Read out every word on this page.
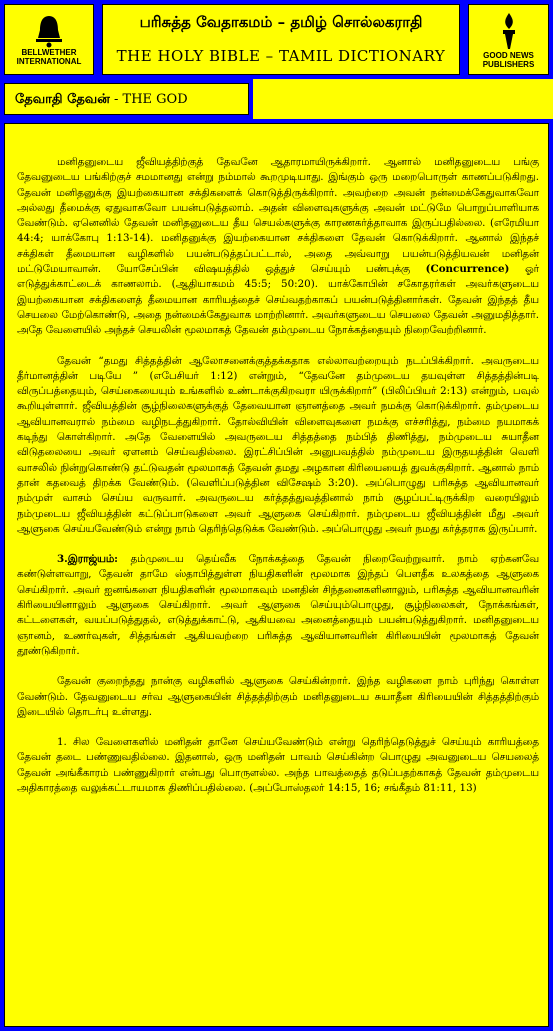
BELLWETHER
INTERNATIONAL
பரிசுத்த வேதாகமம் – தமிழ் சொல்லகராதி
THE HOLY BIBLE – TAMIL DICTIONARY	GOOD NEWS
PUBLISHERS
தேவாதி தேவன் - THE GOD

மனிதனுடைய ஜீவியத்திற்குத் தேவனே ஆதாரமாயிருக்கிறார். ஆனால் மனிதனுடைய பங்கு தேவனுடைய பங்கிற்குச் சமமானது என்று நம்மால் கூறமுடியாது. இங்கும் ஒரு மறைபொருள் காணப்படுகிறது. தேவன் மனிதனுக்கு இயற்கையான சக்திகளைக் கொடுத்திருக்கிறார். அவற்றை அவன் நன்மைக்கேதுவாகவோ அல்லது தீமைக்கு ஏதுவாகவோ பயன்படுத்தலாம். அதன் விளைவுகளுக்கு அவன் மட்டுமே பொறுப்பாளியாக வேண்டும். ஏனெனில் தேவன் மனிதனுடைய தீய செயல்களுக்கு காரணகர்த்தாவாக இருப்பதில்லை. (எரேமியா 44:4; யாக்கோபு 1:13-14). மனிதனுக்கு இயற்கையான சக்திகளை தேவன் கொடுக்கிறார். ஆனால் இந்தச் சக்திகள் தீமையான வழிகளில் பயன்படுத்தப்பட்டால், அதை அவ்வாறு பயன்படுத்தியவன் மனிதன் மட்டுமேயாவான். யோசேப்பின் விஷயத்தில் ஒத்துச் செய்யும் பண்புக்கு (Concurrence) ஓர் எடுத்துக்காட்டைக் காணலாம். (ஆதியாகமம் 45:5; 50:20). யாக்கோபின் சகோதரர்கள் அவர்களுடைய இயற்கையான சக்திகளைத் தீமையான காரியத்தைச் செய்வதற்காகப் பயன்படுத்தினார்கள். தேவன் இந்தத் தீய செயலை மேற்கொண்டு, அதை நன்மைக்கேதுவாக மாற்றினார். அவர்களுடைய செயலை தேவன் அனுமதித்தார். அதே வேளையில் அந்தச் செயலின் மூலமாகத் தேவன் தம்முடைய நோக்கத்தையும் நிறைவேற்றினார்.

தேவன் “தமது சித்தத்தின் ஆலோசனைக்குத்தக்கதாக எல்லாவற்றையும் நடப்பிக்கிறார். அவருடைய தீர்மானத்தின் படியே ” (எபேசியர் 1:12) என்றும், “தேவனே தம்முடைய தயவுள்ள சித்தத்தின்படி விருப்பத்தையும், செய்கையையும் உங்களில் உண்டாக்குகிறவரா யிருக்கிறார்” (பிலிப்பியர் 2:13) என்றும், பவுல் கூறியுள்ளார். ஜீவியத்தின் சூழ்நிலைகளுக்குத் தேவையான ஞானத்தை அவர் நமக்கு கொடுக்கிறார். தம்முடைய ஆவியானவரால் நம்மை வழிநடத்துகிறார். தோல்வியின் விளைவுகளை நமக்கு எச்சரித்து, நம்மை நயமாகக் கடிந்து கொள்கிறார். அதே வேளையில் அவருடைய சித்தத்தை நம்பித் திணித்து, நம்முடைய சுயாதீன விடுதலையை அவர் ஏளனம் செய்வதில்லை. இரட்சிப்பின் அனுபவத்தில் நம்முடைய இருதயத்தின் வெளி வாசலில் நின்றுகொண்டு தட்டுவதன் மூலமாகத் தேவன் தமது அழகான கிரியையைத் துவக்குகிறார். ஆனால் நாம் தான் கதவைத் திறக்க வேண்டும். (வெளிப்படுத்தின விசேஷம் 3:20). அப்பொழுது பரிசுத்த ஆவியானவர் நம்முள் வாசம் செய்ய வருவார். அவருடைய கர்த்தத்துவத்தினால் நாம் சூழப்பட்டிருக்கிற வரையிலும் நம்முடைய ஜீவியத்தின் கட்டுப்பாடுகளை அவர் ஆளுகை செய்கிறார். நம்முடைய ஜீவியத்தின் மீது அவர் ஆளுகை செய்யவேண்டும் என்று நாம் தெரிந்தெடுக்க வேண்டும். அப்பொழுது அவர் நமது கர்த்தராக இருப்பார்.

3.இராஜ்யம்: தம்முடைய தெய்வீக நோக்கத்தை தேவன் நிறைவேற்றுவார். நாம் ஏற்கனவே கண்டுள்ளவாறு, தேவன் தாமே ஸ்தாபித்துள்ள நியதிகளின் மூலமாக இந்தப் பௌதீக உலகத்தை ஆளுகை செய்கிறார். அவர் ஐனங்களை நியதிகளின் மூலமாகவும் மனதின் சிந்தனைகளினாலும், பரிசுத்த ஆவியானவரின் கிரியையினாலும் ஆளுகை செய்கிறார். அவர் ஆளுகை செய்யும்பொழுது, சூழ்நிலைகள், நோக்கங்கள், கட்டளைகள், வயப்படுத்துதல், எடுத்துக்காட்டு, ஆகியவை அனைத்தையும் பயன்படுத்துகிறார். மனிதனுடைய ஞானம், உணர்வுகள், சித்தங்கள் ஆகியவற்றை பரிசுத்த ஆவியானவரின் கிரியையின் மூலமாகத் தேவன் தூண்டுகிறார்.

தேவன் குறைந்தது நான்கு வழிகளில் ஆளுகை செய்கின்றார். இந்த வழிகளை நாம் புரிந்து கொள்ள வேண்டும். தேவனுடைய சர்வ ஆளுகையின் சித்தத்திற்கும் மனிதனுடைய சுயாதீன கிரியையின் சித்தத்திற்கும் இடையில் தொடர்பு உள்ளது.

1. சில வேளைகளில் மனிதன் தானே செய்யவேண்டும் என்று தெரிந்தெடுத்துச் செய்யும் காரியத்தை தேவன் தடை பண்ணுவதில்லை. இதனால், ஒரு மனிதன் பாவம் செய்கின்ற பொழுது அவனுடைய செயலைத் தேவன் அங்கீகாரம் பண்ணுகிறார் என்பது பொருளல்ல. அந்த பாவத்தைத் தடுப்பதற்காகத் தேவன் தம்முடைய அதிகாரத்தை வலுக்கட்டாயமாக திணிப்பதில்லை. (அப்போஸ்தலர் 14:15, 16; சங்கீதம் 81:11, 13)
